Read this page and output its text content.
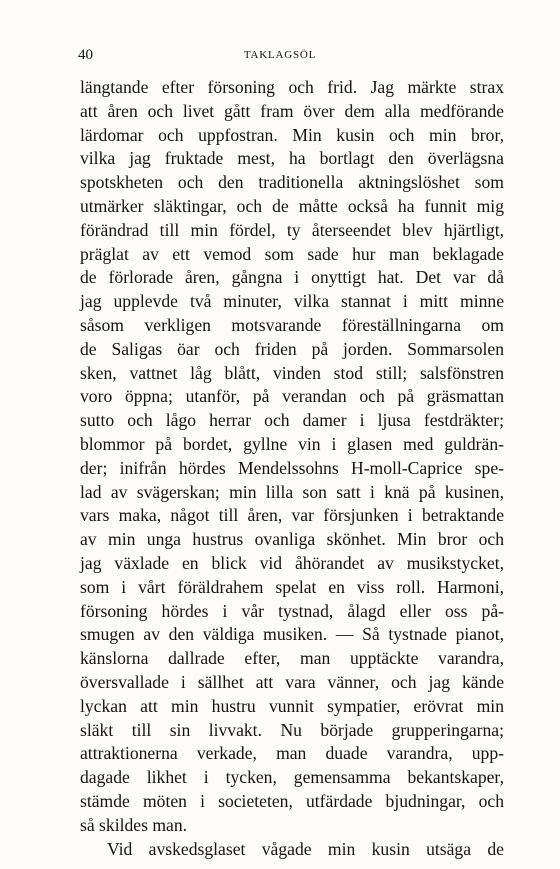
40	TAKLAGSÖL
längtande efter försoning och frid. Jag märkte strax
att åren och livet gått fram över dem alla medförande
lärdomar och uppfostran. Min kusin och min bror,
vilka jag fruktade mest, ha bortlagt den överlägsna
spotskheten och den traditionella aktningslöshet som
utmärker släktingar, och de måtte också ha funnit mig
förändrad till min fördel, ty återseendet blev hjärtligt,
präglat av ett vemod som sade hur man beklagade
de förlorade åren, gångna i onyttigt hat. Det var då
jag upplevde två minuter, vilka stannat i mitt minne
såsom verkligen motsvarande föreställningarna om
de Saligas öar och friden på jorden. Sommarsolen
sken, vattnet låg blått, vinden stod still; salsfönstren
voro öppna; utanför, på verandan och på gräsmattan
sutto och lågo herrar och damer i ljusa festdräkter;
blommor på bordet, gyllne vin i glasen med guldrän-
der; inifrån hördes Mendelssohns H-moll-Caprice spe-
lad av svägerskan; min lilla son satt i knä på kusinen,
vars maka, något till åren, var försjunken i betraktande
av min unga hustrus ovanliga skönhet. Min bror och
jag växlade en blick vid åhörandet av musikstycket,
som i vårt föräldrahem spelat en viss roll. Harmoni,
försoning hördes i vår tystnad, ålagd eller oss på-
smugen av den väldiga musiken. — Så tystnade pianot,
känslorna dallrade efter, man upptäckte varandra,
översvallade i sällhet att vara vänner, och jag kände
lyckan att min hustru vunnit sympatier, erövrat min
släkt till sin livvakt. Nu började grupperingarna;
attraktionerna verkade, man duade varandra, upp-
dagade likhet i tycken, gemensamma bekantskaper,
stämde möten i societeten, utfärdade bjudningar, och
så skildes man.
Vid avskedsglaset vågade min kusin utsäga de
